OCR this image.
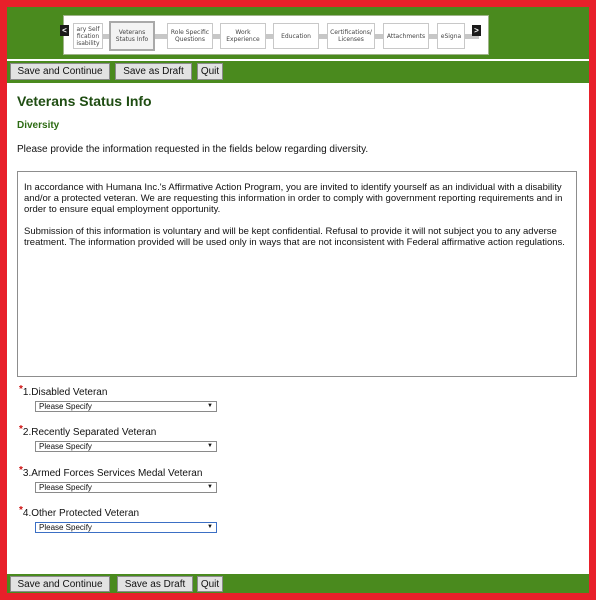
<	ary Self
fication
isability
Veterans
Status Info
Role Specific
Questions
Work
Experience	Education	Certifications/
Licenses	Attachments	eSigna
>
Save and Continue	Save as Draft	Quit
Veterans Status Info
Diversity
Please provide the information requested in the fields below regarding diversity.

In accordance with Humana Inc.'s Affirmative Action Program, you are invited to identify yourself as an individual with a disability and/or a protected veteran. We are requesting this information in order to comply with government reporting requirements and in order to ensure equal employment opportunity.

Submission of this information is voluntary and will be kept confidential. Refusal to provide it will not subject you to any adverse treatment. The information provided will be used only in ways that are not inconsistent with Federal affirmative action regulations.

*1.Disabled Veteran
Please Specify	▼
*2.Recently Separated Veteran
Please Specify	▼
*3.Armed Forces Services Medal Veteran
Please Specify	▼
*4.Other Protected Veteran
Please Specify	▼
Save and Continue	Save as Draft	Quit
